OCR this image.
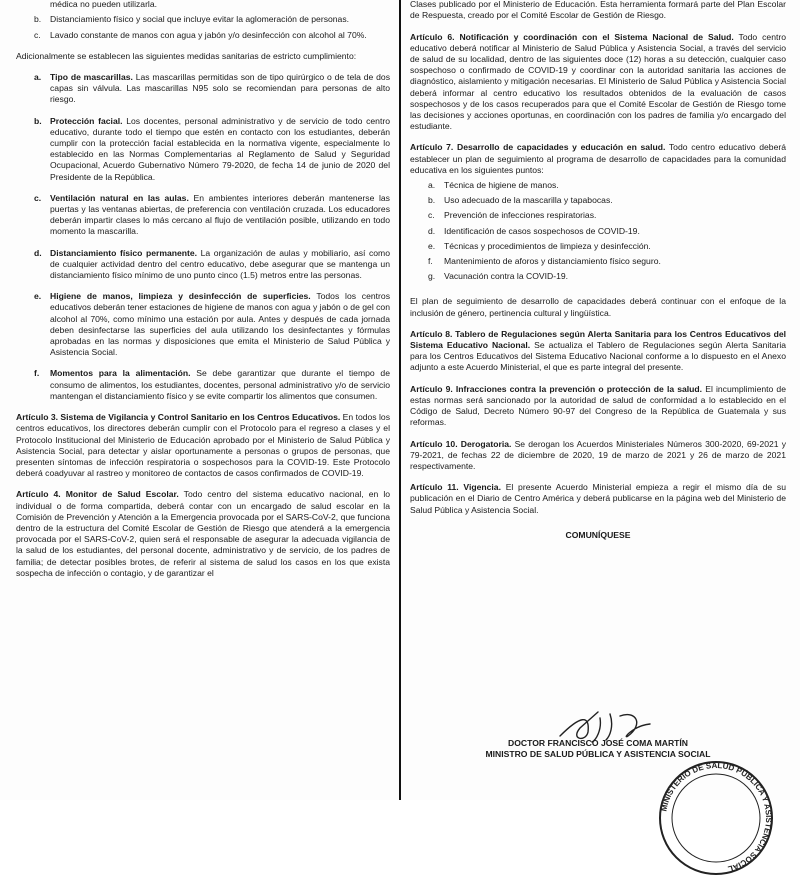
médica no pueden utilizarla.
b.	Distanciamiento físico y social que incluye evitar la aglomeración de personas.
c.	Lavado constante de manos con agua y jabón y/o desinfección con alcohol al 70%.

Adicionalmente se establecen las siguientes medidas sanitarias de estricto cumplimiento:

a.	Tipo de mascarillas. Las mascarillas permitidas son de tipo quirúrgico o de tela de dos capas sin válvula. Las mascarillas N95 solo se recomiendan para personas de alto riesgo.
b. Protección facial. Los docentes, personal administrativo y de servicio de todo centro educativo, durante todo el tiempo que estén en contacto con los estudiantes, deberán cumplir con la protección facial establecida en la normativa vigente, especialmente lo establecido en las Normas Complementarias al Reglamento de Salud y Seguridad Ocupacional, Acuerdo Gubernativo Número 79-2020, de fecha 14 de junio de 2020 del Presidente de la República.
c.	Ventilación natural en las aulas. En ambientes interiores deberán mantenerse las puertas y las ventanas abiertas, de preferencia con ventilación cruzada. Los educadores deberán impartir clases lo más cercano al flujo de ventilación posible, utilizando en todo momento la mascarilla.
d. Distanciamiento físico permanente. La organización de aulas y mobiliario, así como de cualquier actividad dentro del centro educativo, debe asegurar que se mantenga un distanciamiento físico mínimo de uno punto cinco (1.5) metros entre las personas.
e.	Higiene de manos, limpieza y desinfección de superficies. Todos los centros educativos deberán tener estaciones de higiene de manos con agua y jabón o de gel con alcohol al 70%, como mínimo una estación por aula. Antes y después de cada jornada deben desinfectarse las superficies del aula utilizando los desinfectantes y fórmulas aprobadas en las normas y disposiciones que emita el Ministerio de Salud Pública y Asistencia Social.
f.	Momentos para la alimentación. Se debe garantizar que durante el tiempo de consumo de alimentos, los estudiantes, docentes, personal administrativo y/o de servicio mantengan el distanciamiento físico y se evite compartir los alimentos que consumen.

Artículo 3. Sistema de Vigilancia y Control Sanitario en los Centros Educativos. En todos los centros educativos, los directores deberán cumplir con el Protocolo para el regreso a clases y el Protocolo Institucional del Ministerio de Educación aprobado por el Ministerio de Salud Pública y Asistencia Social, para detectar y aislar oportunamente a personas o grupos de personas, que presenten síntomas de infección respiratoria o sospechosos para la COVID-19. Este Protocolo deberá coadyuvar al rastreo y monitoreo de contactos de casos confirmados de COVID-19.

Artículo 4. Monitor de Salud Escolar. Todo centro del sistema educativo nacional, en lo individual o de forma compartida, deberá contar con un encargado de salud escolar en la Comisión de Prevención y Atención a la Emergencia provocada por el SARS-CoV-2, que funciona dentro de la estructura del Comité Escolar de Gestión de Riesgo que atenderá a la emergencia provocada por el SARS-CoV-2, quien será el responsable de asegurar la adecuada vigilancia de la salud de los estudiantes, del personal docente, administrativo y de servicio, de los padres de familia; de detectar posibles brotes, de referir al sistema de salud los casos en los que exista sospecha de infección o contagio, y de garantizar el

Clases publicado por el Ministerio de Educación. Esta herramienta formará parte del Plan Escolar de Respuesta, creado por el Comité Escolar de Gestión de Riesgo.

Artículo 6. Notificación y coordinación con el Sistema Nacional de Salud. Todo centro educativo deberá notificar al Ministerio de Salud Pública y Asistencia Social, a través del servicio de salud de su localidad, dentro de las siguientes doce (12) horas a su detección, cualquier caso sospechoso o confirmado de COVID-19 y coordinar con la autoridad sanitaria las acciones de diagnóstico, aislamiento y mitigación necesarias. El Ministerio de Salud Pública y Asistencia Social deberá informar al centro educativo los resultados obtenidos de la evaluación de casos sospechosos y de los casos recuperados para que el Comité Escolar de Gestión de Riesgo tome las decisiones y acciones oportunas, en coordinación con los padres de familia y/o encargado del estudiante.

Artículo 7. Desarrollo de capacidades y educación en salud. Todo centro educativo deberá establecer un plan de seguimiento al programa de desarrollo de capacidades para la comunidad educativa en los siguientes puntos:

a.	Técnica de higiene de manos.
b.	Uso adecuado de la mascarilla y tapabocas.
c.	Prevención de infecciones respiratorias.
d.	Identificación de casos sospechosos de COVID-19.
e.	Técnicas y procedimientos de limpieza y desinfección.
f.	Mantenimiento de aforos y distanciamiento físico seguro.
g.	Vacunación contra la COVID-19.

El plan de seguimiento de desarrollo de capacidades deberá continuar con el enfoque de la inclusión de género, pertinencia cultural y lingüística.

Artículo 8. Tablero de Regulaciones según Alerta Sanitaria para los Centros Educativos del Sistema Educativo Nacional. Se actualiza el Tablero de Regulaciones según Alerta Sanitaria para los Centros Educativos del Sistema Educativo Nacional conforme a lo dispuesto en el Anexo adjunto a este Acuerdo Ministerial, el que es parte integral del presente.

Artículo 9. Infracciones contra la prevención o protección de la salud. El incumplimiento de estas normas será sancionado por la autoridad de salud de conformidad a lo establecido en el Código de Salud, Decreto Número 90-97 del Congreso de la República de Guatemala y sus reformas.

Artículo 10. Derogatoria. Se derogan los Acuerdos Ministeriales Números 300-2020, 69-2021 y 79-2021, de fechas 22 de diciembre de 2020, 19 de marzo de 2021 y 26 de marzo de 2021 respectivamente.

Artículo 11. Vigencia. El presente Acuerdo Ministerial empieza a regir el mismo día de su publicación en el Diario de Centro América y deberá publicarse en la página web del Ministerio de Salud Pública y Asistencia Social.

COMUNÍQUESE

DOCTOR FRANCISCO JOSÉ COMA MARTÍN
MINISTRO DE SALUD PÚBLICA Y ASISTENCIA SOCIAL
MINISTERIO DE SALUD PÚBLICA Y ASISTENCIA SOCIAL
